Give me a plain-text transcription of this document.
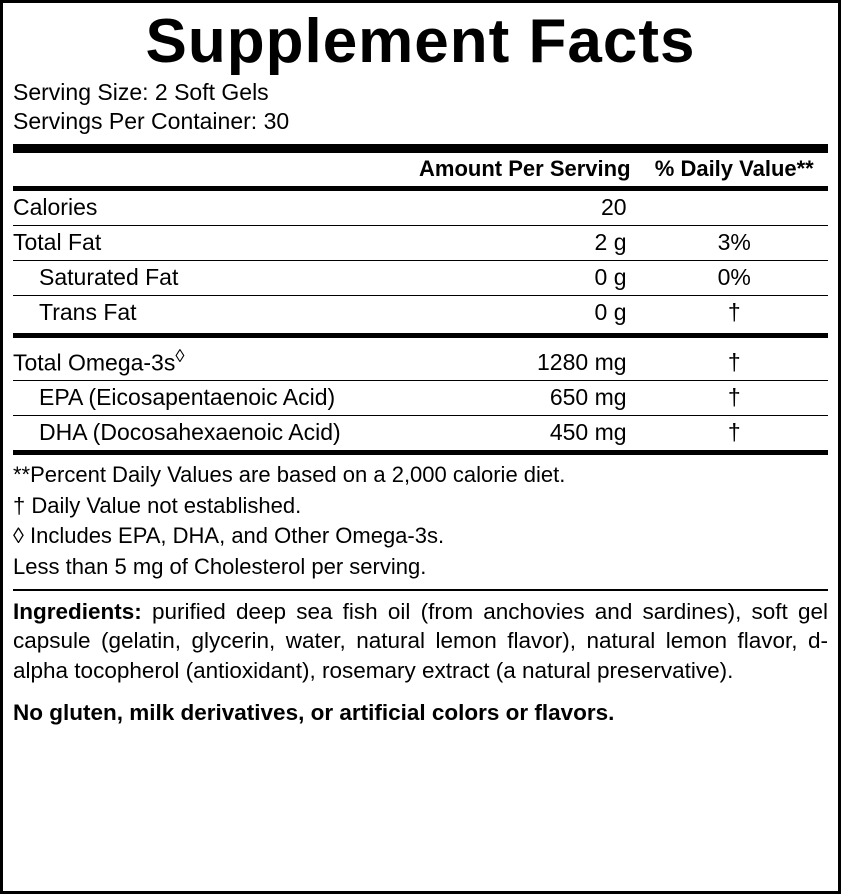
Supplement Facts
Serving Size: 2 Soft Gels
Servings Per Container: 30
	Amount Per Serving	% Daily Value**
Calories	20	
Total Fat	2 g	3%
Saturated Fat	0 g	0%
Trans Fat	0 g	†

Total Omega-3s◊	1280 mg	†
EPA (Eicosapentaenoic Acid)	650 mg	†
DHA (Docosahexaenoic Acid)	450 mg	†
**Percent Daily Values are based on a 2,000 calorie diet.
† Daily Value not established.
◊ Includes EPA, DHA, and Other Omega-3s.
Less than 5 mg of Cholesterol per serving.
Ingredients: purified deep sea fish oil (from anchovies and sardines), soft gel capsule (gelatin, glycerin, water, natural lemon flavor), natural lemon flavor, d-alpha tocopherol (antioxidant), rosemary extract (a natural preservative).
No gluten, milk derivatives, or artificial colors or flavors.
